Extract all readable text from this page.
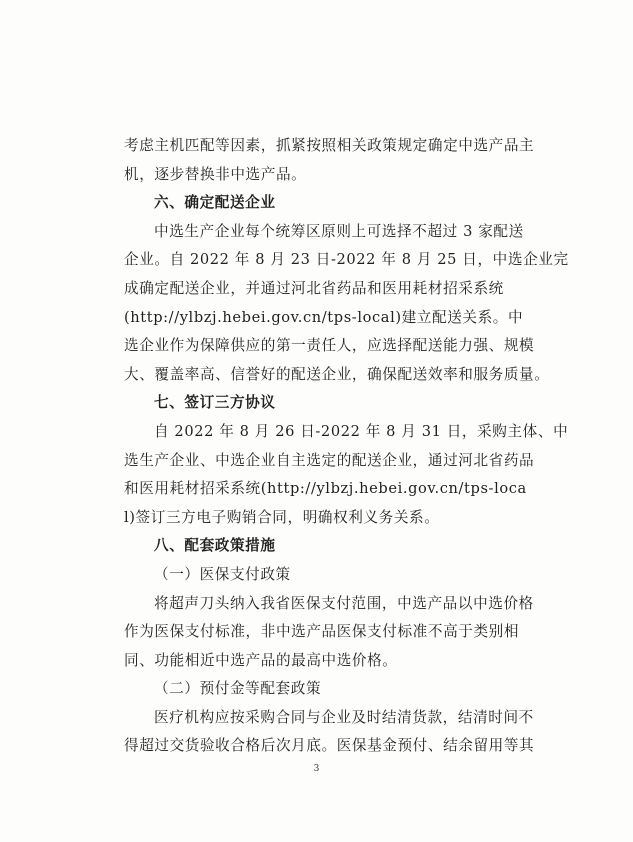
考虑主机匹配等因素，抓紧按照相关政策规定确定中选产品主

机，逐步替换非中选产品。

六、确定配送企业

中选生产企业每个统筹区原则上可选择不超过 3 家配送

企业。自 2022 年 8 月 23 日-2022 年 8 月 25 日，中选企业完

成确定配送企业，并通过河北省药品和医用耗材招采系统

(http://ylbzj.hebei.gov.cn/tps-local)建立配送关系。中

选企业作为保障供应的第一责任人，应选择配送能力强、规模

大、覆盖率高、信誉好的配送企业，确保配送效率和服务质量。

七、签订三方协议

自 2022 年 8 月 26 日-2022 年 8 月 31 日，采购主体、中

选生产企业、中选企业自主选定的配送企业，通过河北省药品

和医用耗材招采系统(http://ylbzj.hebei.gov.cn/tps-loca

l)签订三方电子购销合同，明确权利义务关系。

八、配套政策措施

（一）医保支付政策

将超声刀头纳入我省医保支付范围，中选产品以中选价格

作为医保支付标准，非中选产品医保支付标准不高于类别相

同、功能相近中选产品的最高中选价格。

（二）预付金等配套政策

医疗机构应按采购合同与企业及时结清货款，结清时间不

得超过交货验收合格后次月底。医保基金预付、结余留用等其

3
